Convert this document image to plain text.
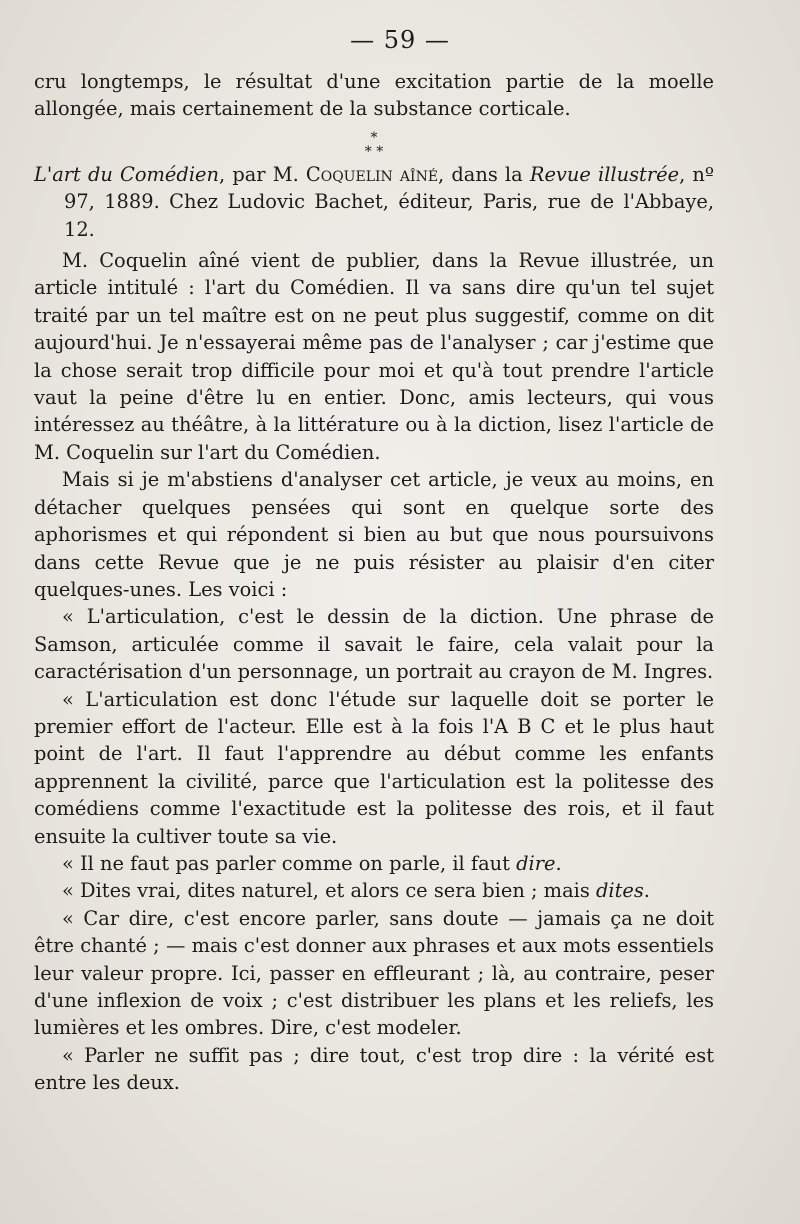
— 59 —

cru longtemps, le résultat d'une excitation partie de la moelle allongée, mais certainement de la substance corticale.

*
* *

L'art du Comédien, par M. Coquelin aîné, dans la Revue illustrée, nº 97, 1889. Chez Ludovic Bachet, éditeur, Paris, rue de l'Abbaye, 12.

M. Coquelin aîné vient de publier, dans la Revue illustrée, un article intitulé : l'art du Comédien. Il va sans dire qu'un tel sujet traité par un tel maître est on ne peut plus suggestif, comme on dit aujourd'hui. Je n'essayerai même pas de l'analyser ; car j'estime que la chose serait trop difficile pour moi et qu'à tout prendre l'article vaut la peine d'être lu en entier. Donc, amis lecteurs, qui vous intéressez au théâtre, à la littérature ou à la diction, lisez l'article de M. Coquelin sur l'art du Comédien.

Mais si je m'abstiens d'analyser cet article, je veux au moins, en détacher quelques pensées qui sont en quelque sorte des aphorismes et qui répondent si bien au but que nous poursuivons dans cette Revue que je ne puis résister au plaisir d'en citer quelques-unes. Les voici :

« L'articulation, c'est le dessin de la diction. Une phrase de Samson, articulée comme il savait le faire, cela valait pour la caractérisation d'un personnage, un portrait au crayon de M. Ingres.

« L'articulation est donc l'étude sur laquelle doit se porter le premier effort de l'acteur. Elle est à la fois l'A B C et le plus haut point de l'art. Il faut l'apprendre au début comme les enfants apprennent la civilité, parce que l'articulation est la politesse des comédiens comme l'exactitude est la politesse des rois, et il faut ensuite la cultiver toute sa vie.

« Il ne faut pas parler comme on parle, il faut dire.

« Dites vrai, dites naturel, et alors ce sera bien ; mais dites.

« Car dire, c'est encore parler, sans doute — jamais ça ne doit être chanté ; — mais c'est donner aux phrases et aux mots essentiels leur valeur propre. Ici, passer en effleurant ; là, au contraire, peser d'une inflexion de voix ; c'est distribuer les plans et les reliefs, les lumières et les ombres. Dire, c'est modeler.

« Parler ne suffit pas ; dire tout, c'est trop dire : la vérité est entre les deux.
